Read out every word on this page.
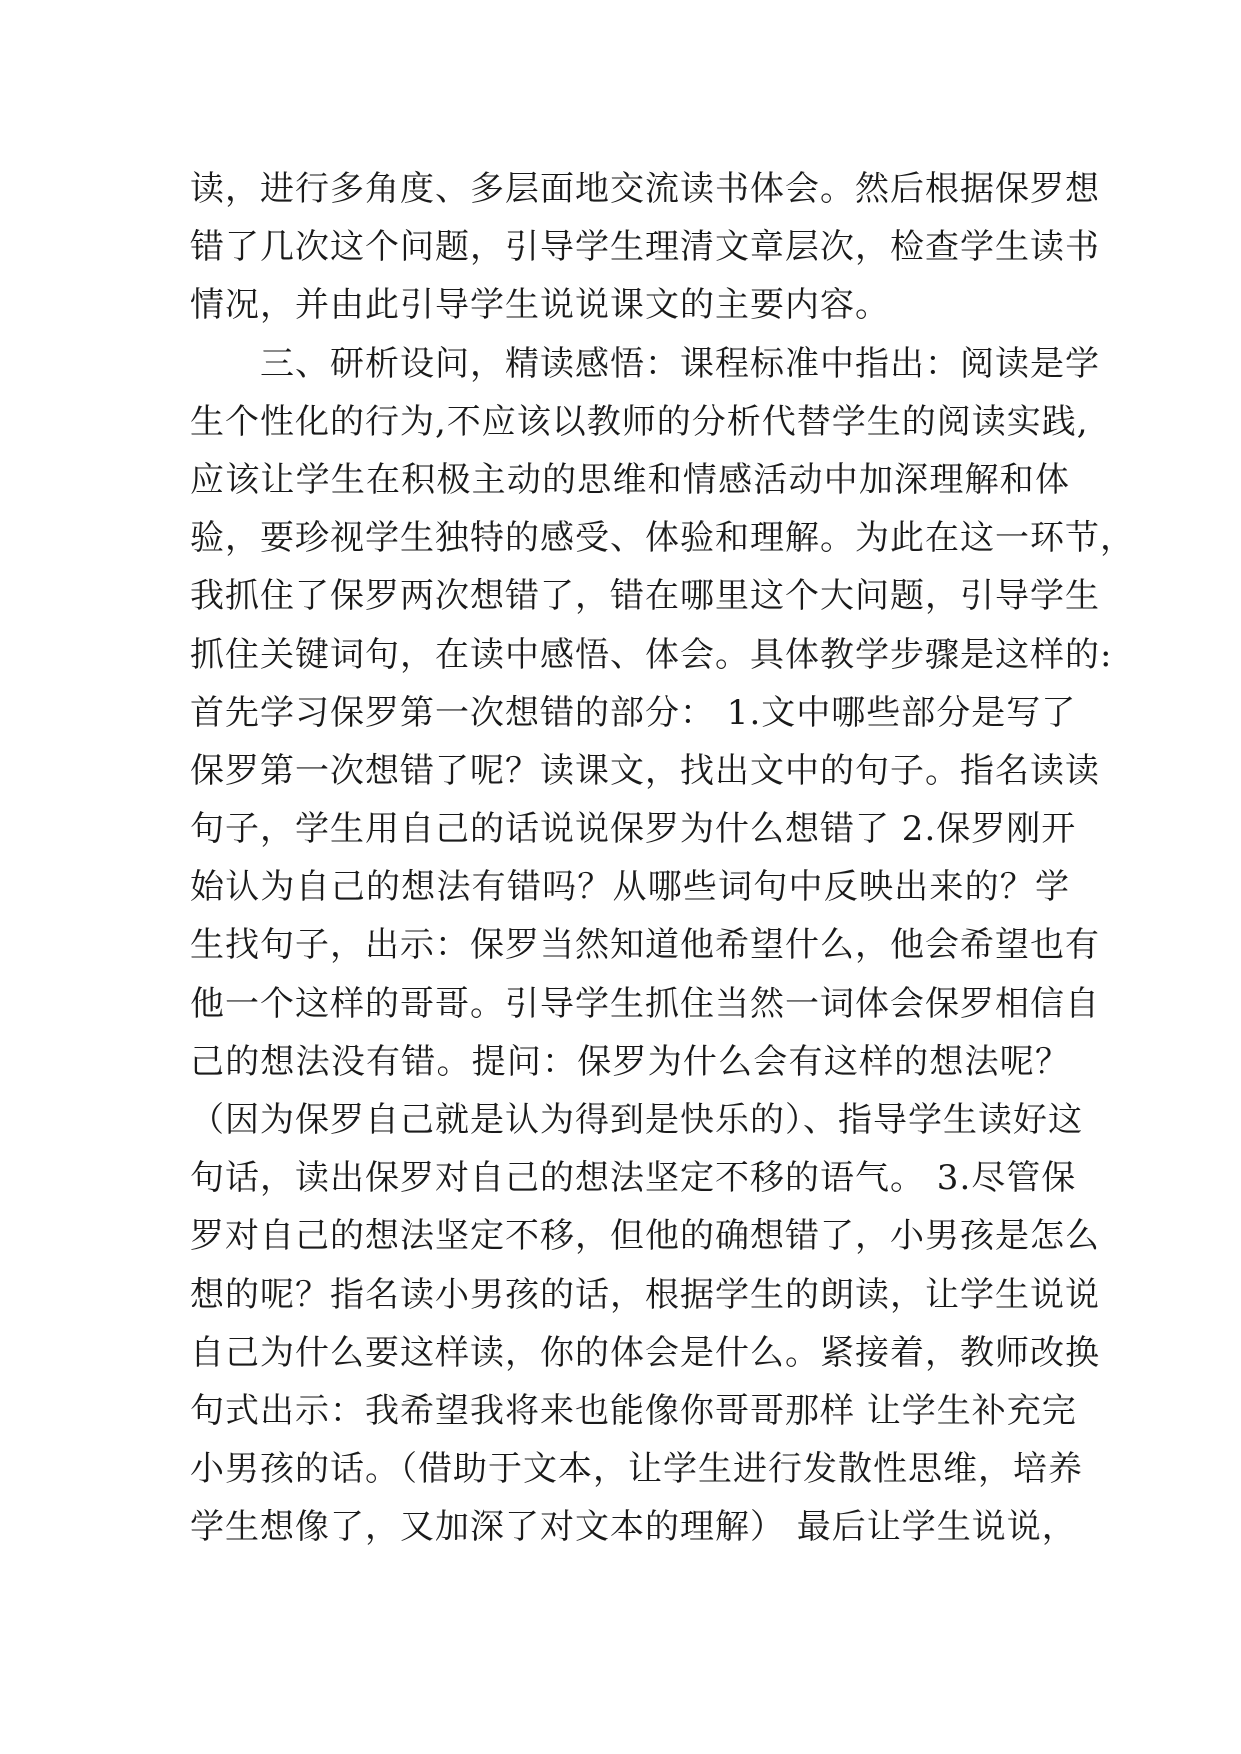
读，进行多角度、多层面地交流读书体会。然后根据保罗想
错了几次这个问题，引导学生理清文章层次，检查学生读书
情况，并由此引导学生说说课文的主要内容。
三、研析设问，精读感悟：课程标准中指出：阅读是学
生个性化的行为,不应该以教师的分析代替学生的阅读实践,
应该让学生在积极主动的思维和情感活动中加深理解和体
验，要珍视学生独特的感受、体验和理解。为此在这一环节，
我抓住了保罗两次想错了，错在哪里这个大问题，引导学生
抓住关键词句，在读中感悟、体会。具体教学步骤是这样的:
首先学习保罗第一次想错的部分： 1.文中哪些部分是写了
保罗第一次想错了呢？读课文，找出文中的句子。指名读读
句子，学生用自己的话说说保罗为什么想错了 2.保罗刚开
始认为自己的想法有错吗？从哪些词句中反映出来的？学
生找句子，出示：保罗当然知道他希望什么，他会希望也有
他一个这样的哥哥。引导学生抓住当然一词体会保罗相信自
己的想法没有错。提问：保罗为什么会有这样的想法呢？
（因为保罗自己就是认为得到是快乐的）、指导学生读好这
句话，读出保罗对自己的想法坚定不移的语气。 3.尽管保
罗对自己的想法坚定不移，但他的确想错了，小男孩是怎么
想的呢？指名读小男孩的话，根据学生的朗读，让学生说说
自己为什么要这样读，你的体会是什么。紧接着，教师改换
句式出示：我希望我将来也能像你哥哥那样 让学生补充完
小男孩的话。（借助于文本，让学生进行发散性思维，培养
学生想像了，又加深了对文本的理解） 最后让学生说说，
